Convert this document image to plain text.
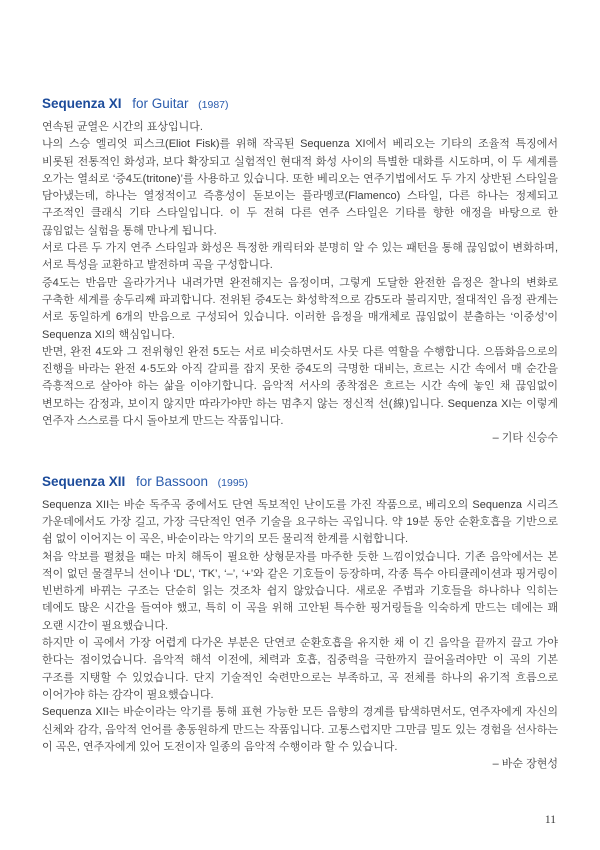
Sequenza XI for Guitar (1987)

연속된 균열은 시간의 표상입니다.

나의 스승 엘리엇 피스크(Eliot Fisk)를 위해 작곡된 Sequenza XI에서 베리오는 기타의 조율적 특징에서 비롯된 전통적인 화성과, 보다 확장되고 실험적인 현대적 화성 사이의 특별한 대화를 시도하며, 이 두 세계를 오가는 열쇠로 ‘증4도(tritone)’를 사용하고 있습니다. 또한 베리오는 연주기법에서도 두 가지 상반된 스타일을 담아냈는데, 하나는 열정적이고 즉흥성이 돋보이는 플라멩코(Flamenco) 스타일, 다른 하나는 정제되고 구조적인 클래식 기타 스타일입니다. 이 두 전혀 다른 연주 스타일은 기타를 향한 애정을 바탕으로 한 끊임없는 실험을 통해 만나게 됩니다.

서로 다른 두 가지 연주 스타일과 화성은 특정한 캐릭터와 분명히 알 수 있는 패턴을 통해 끊임없이 변화하며, 서로 특성을 교환하고 발전하며 곡을 구성합니다.

증4도는 반음만 올라가거나 내려가면 완전해지는 음정이며, 그렇게 도달한 완전한 음정은 찰나의 변화로 구축한 세계를 송두리째 파괴합니다. 전위된 증4도는 화성학적으로 감5도라 불리지만, 절대적인 음정 관계는 서로 동일하게 6개의 반음으로 구성되어 있습니다. 이러한 음정을 매개체로 끊임없이 분출하는 ‘이중성’이 Sequenza XI의 핵심입니다.

반면, 완전 4도와 그 전위형인 완전 5도는 서로 비슷하면서도 사뭇 다른 역할을 수행합니다. 으뜸화음으로의 진행을 바라는 완전 4·5도와 아직 갈피를 잡지 못한 증4도의 극명한 대비는, 흐르는 시간 속에서 매 순간을 즉흥적으로 살아야 하는 삶을 이야기합니다. 음악적 서사의 종착점은 흐르는 시간 속에 놓인 채 끊임없이 변모하는 감정과, 보이지 않지만 따라가야만 하는 멈추지 않는 정신적 선(線)입니다. Sequenza XI는 이렇게 연주자 스스로를 다시 돌아보게 만드는 작품입니다.

– 기타 신승수

Sequenza XII for Bassoon (1995)

Sequenza XII는 바순 독주곡 중에서도 단연 독보적인 난이도를 가진 작품으로, 베리오의 Sequenza 시리즈 가운데에서도 가장 길고, 가장 극단적인 연주 기술을 요구하는 곡입니다. 약 19분 동안 순환호흡을 기반으로 쉼 없이 이어지는 이 곡은, 바순이라는 악기의 모든 물리적 한계를 시험합니다.

처음 악보를 펼쳤을 때는 마치 해독이 필요한 상형문자를 마주한 듯한 느낌이었습니다. 기존 음악에서는 본 적이 없던 물결무늬 선이나 ‘DL’, ‘TK’, ‘–’, ‘+’와 같은 기호들이 등장하며, 각종 특수 아티큘레이션과 핑거링이 빈번하게 바뀌는 구조는 단순히 읽는 것조차 쉽지 않았습니다. 새로운 주법과 기호들을 하나하나 익히는 데에도 많은 시간을 들여야 했고, 특히 이 곡을 위해 고안된 특수한 핑거링들을 익숙하게 만드는 데에는 꽤 오랜 시간이 필요했습니다.

하지만 이 곡에서 가장 어렵게 다가온 부분은 단연코 순환호흡을 유지한 채 이 긴 음악을 끝까지 끌고 가야 한다는 점이었습니다. 음악적 해석 이전에, 체력과 호흡, 집중력을 극한까지 끌어올려야만 이 곡의 기본 구조를 지탱할 수 있었습니다. 단지 기술적인 숙련만으로는 부족하고, 곡 전체를 하나의 유기적 흐름으로 이어가야 하는 감각이 필요했습니다.

Sequenza XII는 바순이라는 악기를 통해 표현 가능한 모든 음향의 경계를 탐색하면서도, 연주자에게 자신의 신체와 감각, 음악적 언어를 총동원하게 만드는 작품입니다. 고통스럽지만 그만큼 밀도 있는 경험을 선사하는 이 곡은, 연주자에게 있어 도전이자 일종의 음악적 수행이라 할 수 있습니다.

– 바순 장현성

11
